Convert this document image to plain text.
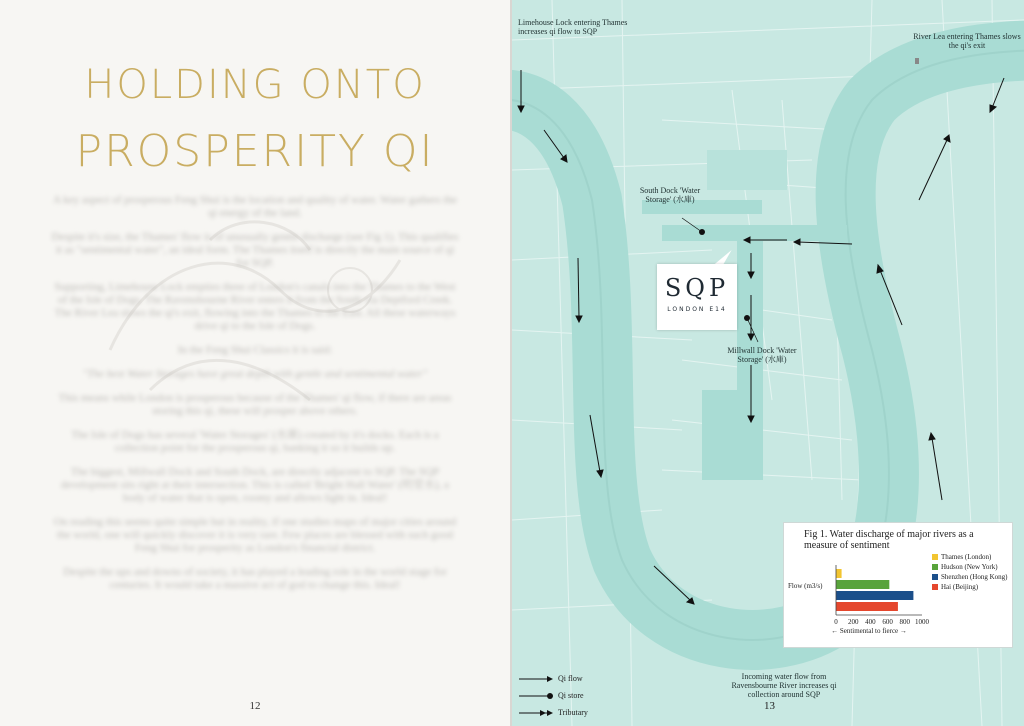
HOLDING ONTO
PROSPERITY QI

A key aspect of prosperous Feng Shui is the location and quality of water. Water gathers the qi energy of the land.

Despite it's size, the Thames' flow is of unusually gentle discharge (see Fig 1). This qualifies it as "sentimental water", an ideal form. The Thames itself is directly the main source of qi for SQP.

Supporting, Limehouse Lock empties three of London's canals into the Thames to the West of the Isle of Dogs. The Ravensbourne River enters it from the South via Deptford Creek. The River Lea slows the qi's exit, flowing into the Thames to the East. All these waterways drive qi to the Isle of Dogs.

In the Feng Shui Classics it is said:

"The best Water Storages have great depth with gentle and sentimental water"

This means while London is prosperous because of the Thames' qi flow, if there are areas storing this qi, these will prosper above others.

The Isle of Dogs has several 'Water Storages' (水庫) created by it's docks. Each is a collection point for the prosperous qi, banking it so it builds up.

The biggest, Millwall Dock and South Dock, are directly adjacent to SQP. The SQP development sits right at their intersection. This is called 'Bright Hall Water' (明堂水), a body of water that is open, roomy and allows light in. Ideal!

On reading this seems quite simple but in reality, if one studies maps of major cities around the world, one will quickly discover it is very rare. Few places are blessed with such good Feng Shui for prosperity as London's financial district.

Despite the ups and downs of society, it has played a leading role in the world stage for centuries. It would take a massive act of god to change this. Ideal!

12
Limehouse Lock entering Thames increases qi flow to SQP
River Lea entering Thames slows the qi's exit
South Dock 'Water Storage' (水庫)
Millwall Dock 'Water Storage' (水庫)
Incoming water flow from Ravensbourne River increases qi collection around SQP
SQP
LONDON E14
Fig 1. Water discharge of major rivers as a measure of sentiment
0 200 400 600 800 1000
Flow (m3/s)
Thames (London)
Hudson (New York)
Shenzhen (Hong Kong)
Hai (Beijing)
← Sentimental to fierce →
Qi flow
Qi store
Tributary
13
